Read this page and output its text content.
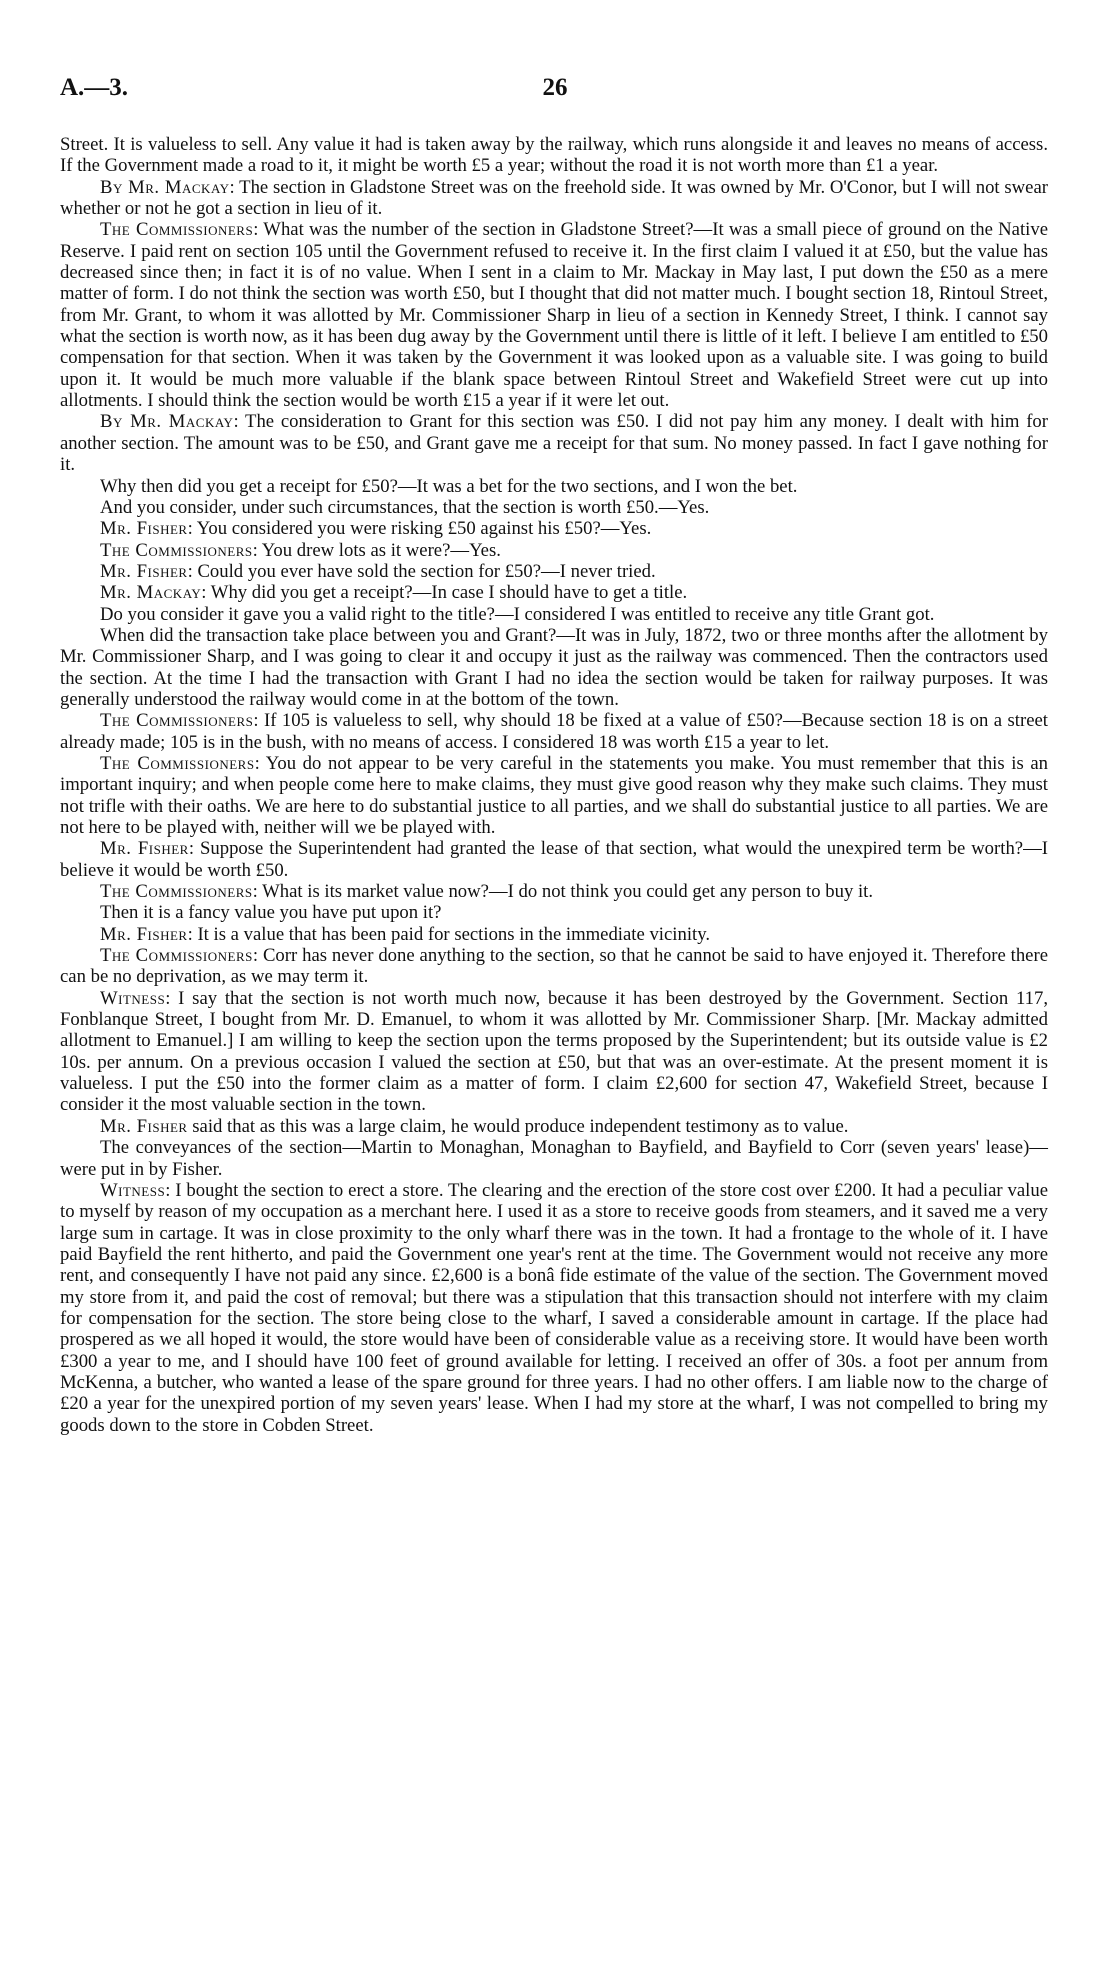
A.—3.	26

Street. It is valueless to sell. Any value it had is taken away by the railway, which runs alongside it and leaves no means of access. If the Government made a road to it, it might be worth £5 a year; without the road it is not worth more than £1 a year.

By Mr. Mackay: The section in Gladstone Street was on the freehold side. It was owned by Mr. O'Conor, but I will not swear whether or not he got a section in lieu of it.

The Commissioners: What was the number of the section in Gladstone Street?—It was a small piece of ground on the Native Reserve. I paid rent on section 105 until the Government refused to receive it. In the first claim I valued it at £50, but the value has decreased since then; in fact it is of no value. When I sent in a claim to Mr. Mackay in May last, I put down the £50 as a mere matter of form. I do not think the section was worth £50, but I thought that did not matter much. I bought section 18, Rintoul Street, from Mr. Grant, to whom it was allotted by Mr. Commissioner Sharp in lieu of a section in Kennedy Street, I think. I cannot say what the section is worth now, as it has been dug away by the Government until there is little of it left. I believe I am entitled to £50 compensation for that section. When it was taken by the Government it was looked upon as a valuable site. I was going to build upon it. It would be much more valuable if the blank space between Rintoul Street and Wakefield Street were cut up into allotments. I should think the section would be worth £15 a year if it were let out.

By Mr. Mackay: The consideration to Grant for this section was £50. I did not pay him any money. I dealt with him for another section. The amount was to be £50, and Grant gave me a receipt for that sum. No money passed. In fact I gave nothing for it.

Why then did you get a receipt for £50?—It was a bet for the two sections, and I won the bet.

And you consider, under such circumstances, that the section is worth £50.—Yes.

Mr. Fisher: You considered you were risking £50 against his £50?—Yes.

The Commissioners: You drew lots as it were?—Yes.

Mr. Fisher: Could you ever have sold the section for £50?—I never tried.

Mr. Mackay: Why did you get a receipt?—In case I should have to get a title.

Do you consider it gave you a valid right to the title?—I considered I was entitled to receive any title Grant got.

When did the transaction take place between you and Grant?—It was in July, 1872, two or three months after the allotment by Mr. Commissioner Sharp, and I was going to clear it and occupy it just as the railway was commenced. Then the contractors used the section. At the time I had the transaction with Grant I had no idea the section would be taken for railway purposes. It was generally understood the railway would come in at the bottom of the town.

The Commissioners: If 105 is valueless to sell, why should 18 be fixed at a value of £50?—Because section 18 is on a street already made; 105 is in the bush, with no means of access. I considered 18 was worth £15 a year to let.

The Commissioners: You do not appear to be very careful in the statements you make. You must remember that this is an important inquiry; and when people come here to make claims, they must give good reason why they make such claims. They must not trifle with their oaths. We are here to do substantial justice to all parties, and we shall do substantial justice to all parties. We are not here to be played with, neither will we be played with.

Mr. Fisher: Suppose the Superintendent had granted the lease of that section, what would the unexpired term be worth?—I believe it would be worth £50.

The Commissioners: What is its market value now?—I do not think you could get any person to buy it.

Then it is a fancy value you have put upon it?

Mr. Fisher: It is a value that has been paid for sections in the immediate vicinity.

The Commissioners: Corr has never done anything to the section, so that he cannot be said to have enjoyed it. Therefore there can be no deprivation, as we may term it.

Witness: I say that the section is not worth much now, because it has been destroyed by the Government. Section 117, Fonblanque Street, I bought from Mr. D. Emanuel, to whom it was allotted by Mr. Commissioner Sharp. [Mr. Mackay admitted allotment to Emanuel.] I am willing to keep the section upon the terms proposed by the Superintendent; but its outside value is £2 10s. per annum. On a previous occasion I valued the section at £50, but that was an over-estimate. At the present moment it is valueless. I put the £50 into the former claim as a matter of form. I claim £2,600 for section 47, Wakefield Street, because I consider it the most valuable section in the town.

Mr. Fisher said that as this was a large claim, he would produce independent testimony as to value.

The conveyances of the section—Martin to Monaghan, Monaghan to Bayfield, and Bayfield to Corr (seven years' lease)—were put in by Fisher.

Witness: I bought the section to erect a store. The clearing and the erection of the store cost over £200. It had a peculiar value to myself by reason of my occupation as a merchant here. I used it as a store to receive goods from steamers, and it saved me a very large sum in cartage. It was in close proximity to the only wharf there was in the town. It had a frontage to the whole of it. I have paid Bayfield the rent hitherto, and paid the Government one year's rent at the time. The Government would not receive any more rent, and consequently I have not paid any since. £2,600 is a bonâ fide estimate of the value of the section. The Government moved my store from it, and paid the cost of removal; but there was a stipulation that this transaction should not interfere with my claim for compensation for the section. The store being close to the wharf, I saved a considerable amount in cartage. If the place had prospered as we all hoped it would, the store would have been of considerable value as a receiving store. It would have been worth £300 a year to me, and I should have 100 feet of ground available for letting. I received an offer of 30s. a foot per annum from McKenna, a butcher, who wanted a lease of the spare ground for three years. I had no other offers. I am liable now to the charge of £20 a year for the unexpired portion of my seven years' lease. When I had my store at the wharf, I was not compelled to bring my goods down to the store in Cobden Street.
